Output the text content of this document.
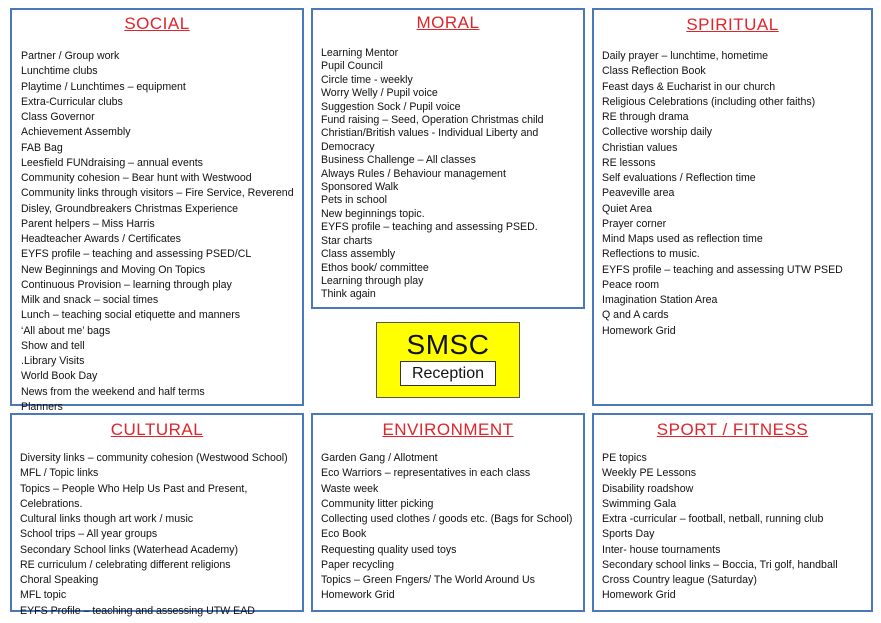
SOCIAL
Partner / Group work
Lunchtime clubs
Playtime / Lunchtimes – equipment
Extra-Curricular clubs
Class Governor
Achievement Assembly
FAB Bag
Leesfield FUNdraising – annual events
Community cohesion – Bear hunt with Westwood
Community links through visitors – Fire Service, Reverend
Disley, Groundbreakers Christmas Experience
Parent helpers – Miss Harris
Headteacher Awards / Certificates
EYFS profile – teaching and assessing PSED/CL
New Beginnings and Moving On Topics
Continuous Provision – learning through play
Milk and snack – social times
Lunch – teaching social etiquette and manners
‘All about me’ bags
Show and tell
.Library Visits
World Book Day
News from the weekend and half terms
Planners
MORAL
Learning Mentor
Pupil Council
Circle time - weekly
Worry Welly / Pupil voice
Suggestion Sock / Pupil voice
Fund raising – Seed, Operation Christmas child
Christian/British values - Individual Liberty and Democracy
Business Challenge – All classes
Always Rules / Behaviour management
Sponsored Walk
Pets in school
New beginnings topic.
EYFS profile – teaching and assessing PSED.
Star charts
Class assembly
Ethos book/ committee
Learning through play
Think again
SPIRITUAL
Daily prayer – lunchtime, hometime
Class Reflection Book
Feast days & Eucharist in our church
Religious Celebrations (including other faiths)
RE through drama
Collective worship daily
Christian values
RE lessons
Self evaluations / Reflection time
Peaveville area
Quiet Area
Prayer corner
Mind Maps used as reflection time
Reflections to music.
EYFS profile – teaching and assessing UTW PSED
Peace room
Imagination Station Area
Q and A cards
Homework Grid
SMSC
Reception
CULTURAL
Diversity links – community cohesion (Westwood School)
MFL / Topic links
Topics – People Who Help Us Past and Present, Celebrations.
Cultural links though art work / music
School trips – All year groups
Secondary School links (Waterhead Academy)
RE curriculum / celebrating different religions
Choral Speaking
MFL topic
EYFS Profile – teaching and assessing UTW EAD
ENVIRONMENT
Garden Gang / Allotment
Eco Warriors – representatives in each class
Waste week
Community litter picking
Collecting used clothes / goods etc. (Bags for School)
Eco Book
Requesting quality used toys
Paper recycling
Topics – Green Fngers/ The World Around Us
Homework Grid
SPORT / FITNESS
PE topics
Weekly PE Lessons
Disability roadshow
Swimming Gala
Extra -curricular – football, netball, running club
Sports Day
Inter- house tournaments
Secondary school links – Boccia, Tri golf, handball
Cross Country league (Saturday)
Homework Grid
